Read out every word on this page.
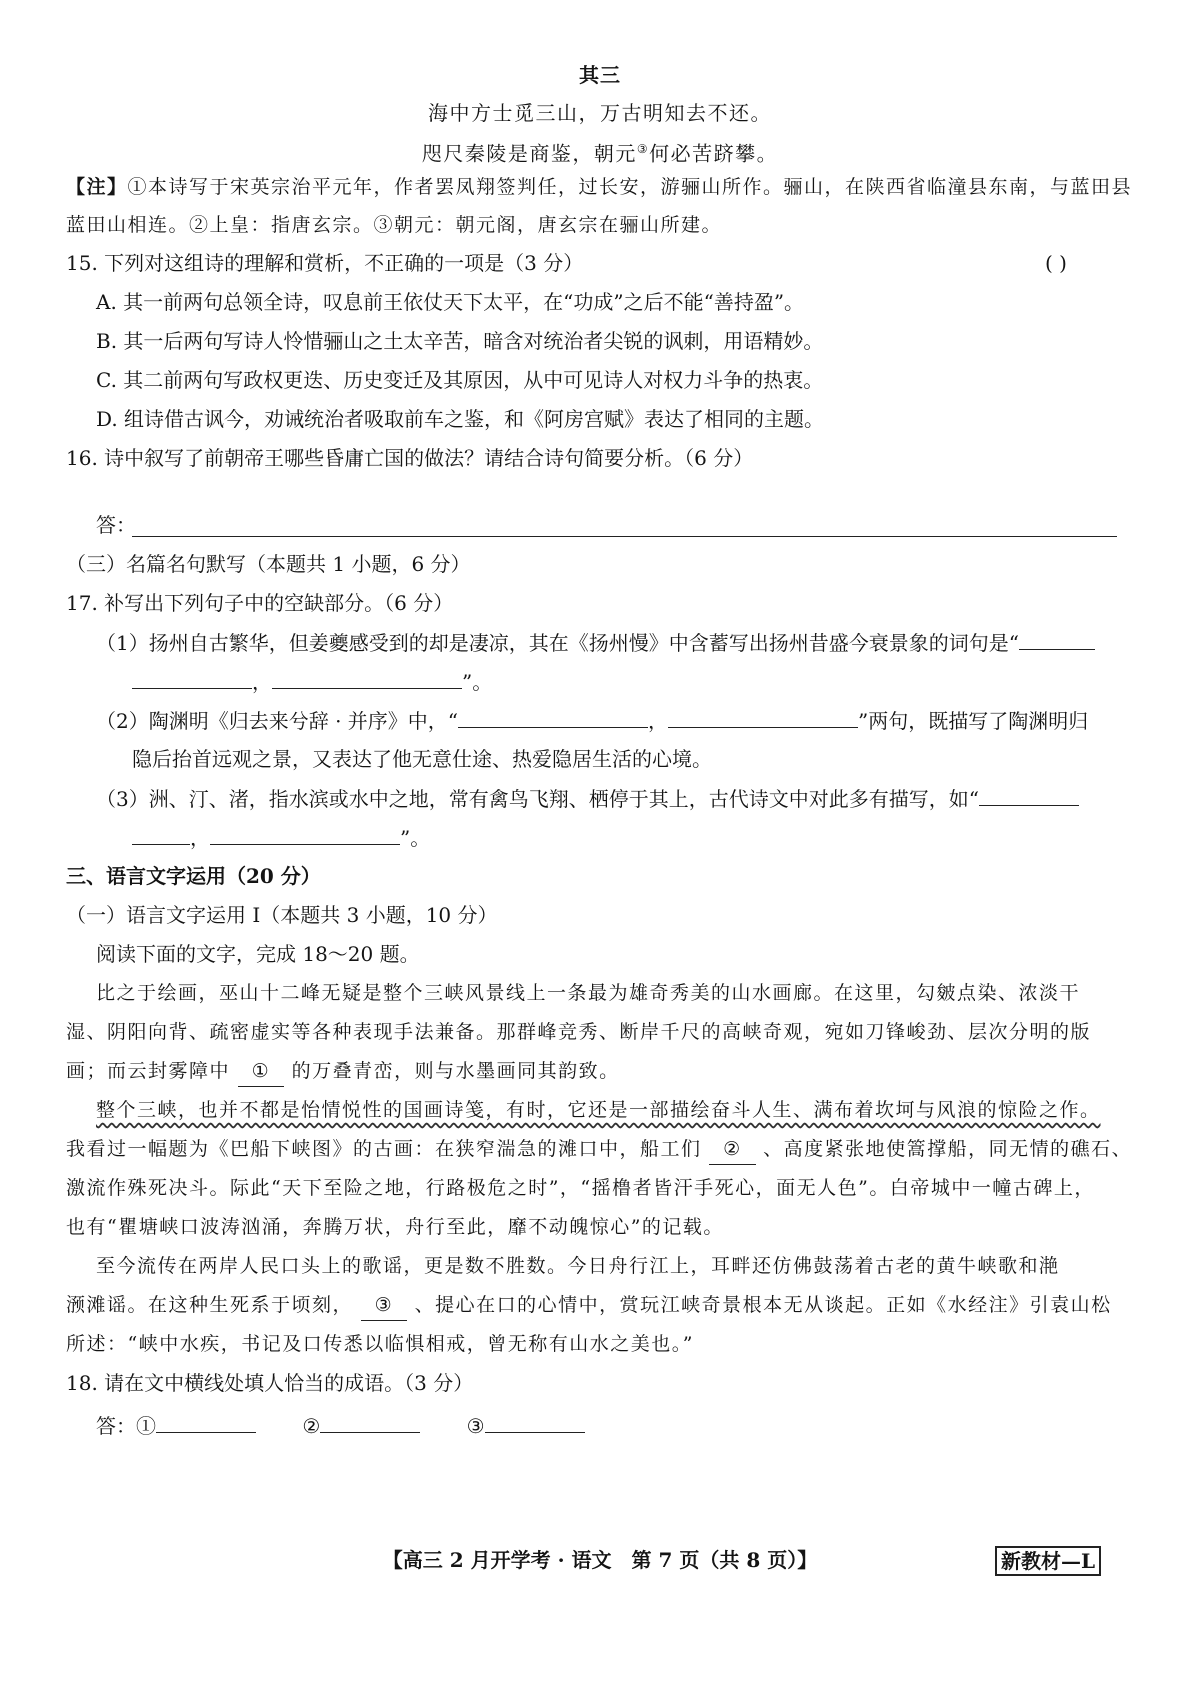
其三
海中方士觅三山，万古明知去不还。
咫尺秦陵是商鉴，朝元③何必苦跻攀。
【注】①本诗写于宋英宗治平元年，作者罢凤翔签判任，过长安，游骊山所作。骊山，在陕西省临潼县东南，与蓝田县
蓝田山相连。②上皇：指唐玄宗。③朝元：朝元阁，唐玄宗在骊山所建。
15. 下列对这组诗的理解和赏析，不正确的一项是（3 分）	( )
A. 其一前两句总领全诗，叹息前王依仗天下太平，在“功成”之后不能“善持盈”。
B. 其一后两句写诗人怜惜骊山之土太辛苦，暗含对统治者尖锐的讽刺，用语精妙。
C. 其二前两句写政权更迭、历史变迁及其原因，从中可见诗人对权力斗争的热衷。
D. 组诗借古讽今，劝诫统治者吸取前车之鉴，和《阿房宫赋》表达了相同的主题。
16. 诗中叙写了前朝帝王哪些昏庸亡国的做法？请结合诗句简要分析。（6 分）
答：
（三）名篇名句默写（本题共 1 小题，6 分）
17. 补写出下列句子中的空缺部分。（6 分）
（1）扬州自古繁华，但姜夔感受到的却是凄凉，其在《扬州慢》中含蓄写出扬州昔盛今衰景象的词句是“
，	”。
（2）陶渊明《归去来兮辞 · 并序》中，“	，	”两句，既描写了陶渊明归
隐后抬首远观之景，又表达了他无意仕途、热爱隐居生活的心境。
（3）洲、汀、渚，指水滨或水中之地，常有禽鸟飞翔、栖停于其上，古代诗文中对此多有描写，如“
，	”。
三、语言文字运用（20 分）
（一）语言文字运用 Ⅰ（本题共 3 小题，10 分）
阅读下面的文字，完成 18～20 题。
比之于绘画，巫山十二峰无疑是整个三峡风景线上一条最为雄奇秀美的山水画廊。在这里，勾皴点染、浓淡干
湿、阴阳向背、疏密虚实等各种表现手法兼备。那群峰竞秀、断岸千尺的高峡奇观，宛如刀锋峻劲、层次分明的版
画；而云封雾障中 ① 的万叠青峦，则与水墨画同其韵致。
整个三峡，也并不都是怡情悦性的国画诗笺，有时，它还是一部描绘奋斗人生、满布着坎坷与风浪的惊险之作。
我看过一幅题为《巴船下峡图》的古画：在狭窄湍急的滩口中，船工们 ② 、高度紧张地使篙撑船，同无情的礁石、
激流作殊死决斗。际此“天下至险之地，行路极危之时”，“摇橹者皆汗手死心，面无人色”。白帝城中一幢古碑上，
也有“瞿塘峡口波涛汹涌，奔腾万状，舟行至此，靡不动魄惊心”的记载。
至今流传在两岸人民口头上的歌谣，更是数不胜数。今日舟行江上，耳畔还仿佛鼓荡着古老的黄牛峡歌和滟
滪滩谣。在这种生死系于顷刻， ③ 、提心在口的心情中，赏玩江峡奇景根本无从谈起。正如《水经注》引袁山松
所述：“峡中水疾，书记及口传悉以临惧相戒，曾无称有山水之美也。”
18. 请在文中横线处填人恰当的成语。（3 分）
答：①	②	③
【高三 2 月开学考 · 语文　第 7 页（共 8 页）】	新教材—L
